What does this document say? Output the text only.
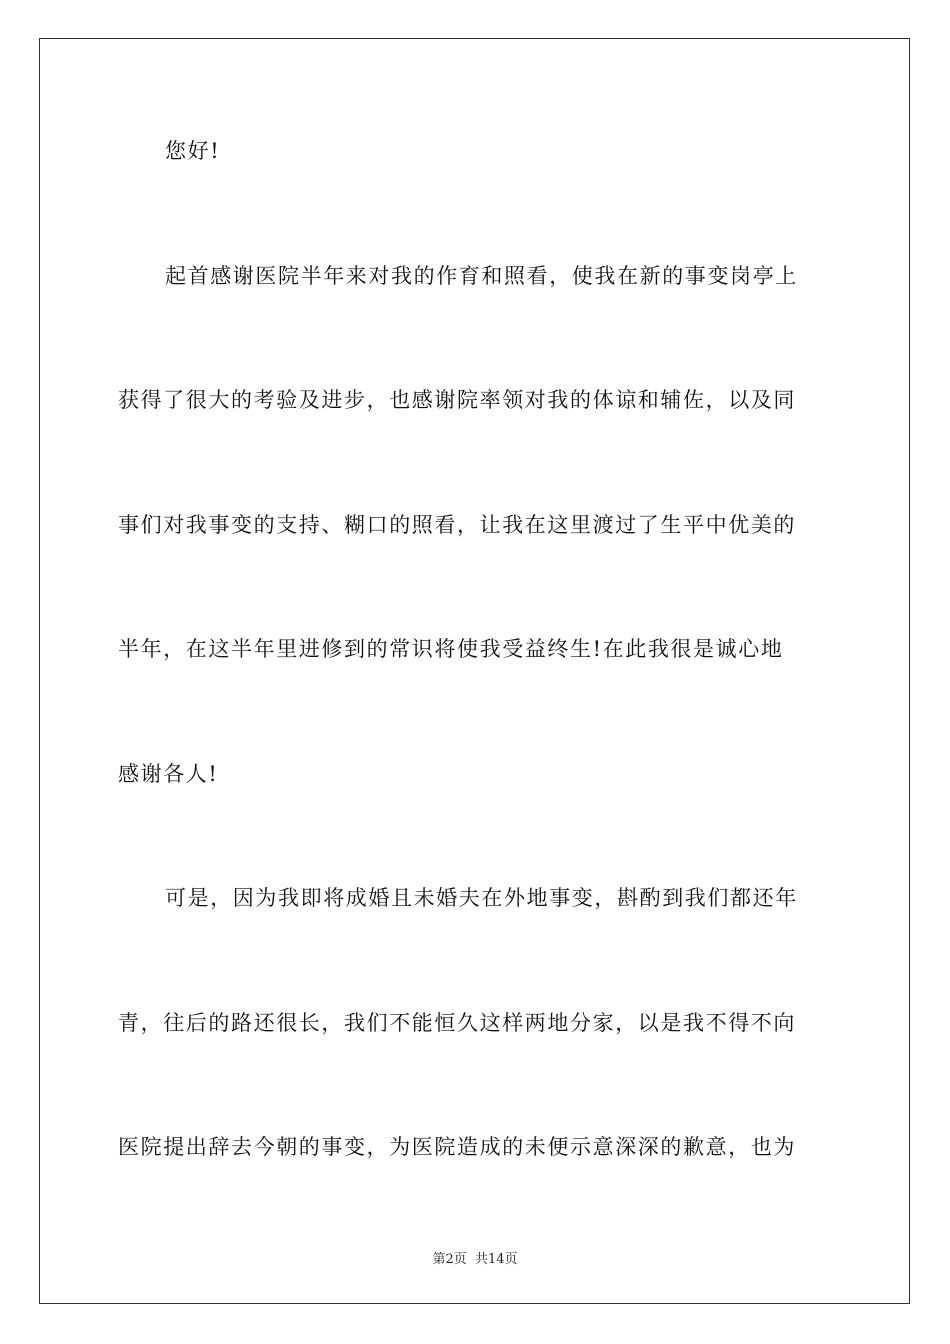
您好!
起首感谢医院半年来对我的作育和照看，使我在新的事变岗亭上
获得了很大的考验及进步，也感谢院率领对我的体谅和辅佐，以及同
事们对我事变的支持、糊口的照看，让我在这里渡过了生平中优美的
半年，在这半年里进修到的常识将使我受益终生!在此我很是诚心地
感谢各人!
可是，因为我即将成婚且未婚夫在外地事变，斟酌到我们都还年
青，往后的路还很长，我们不能恒久这样两地分家，以是我不得不向
医院提出辞去今朝的事变，为医院造成的未便示意深深的歉意，也为
第2页 共14页
